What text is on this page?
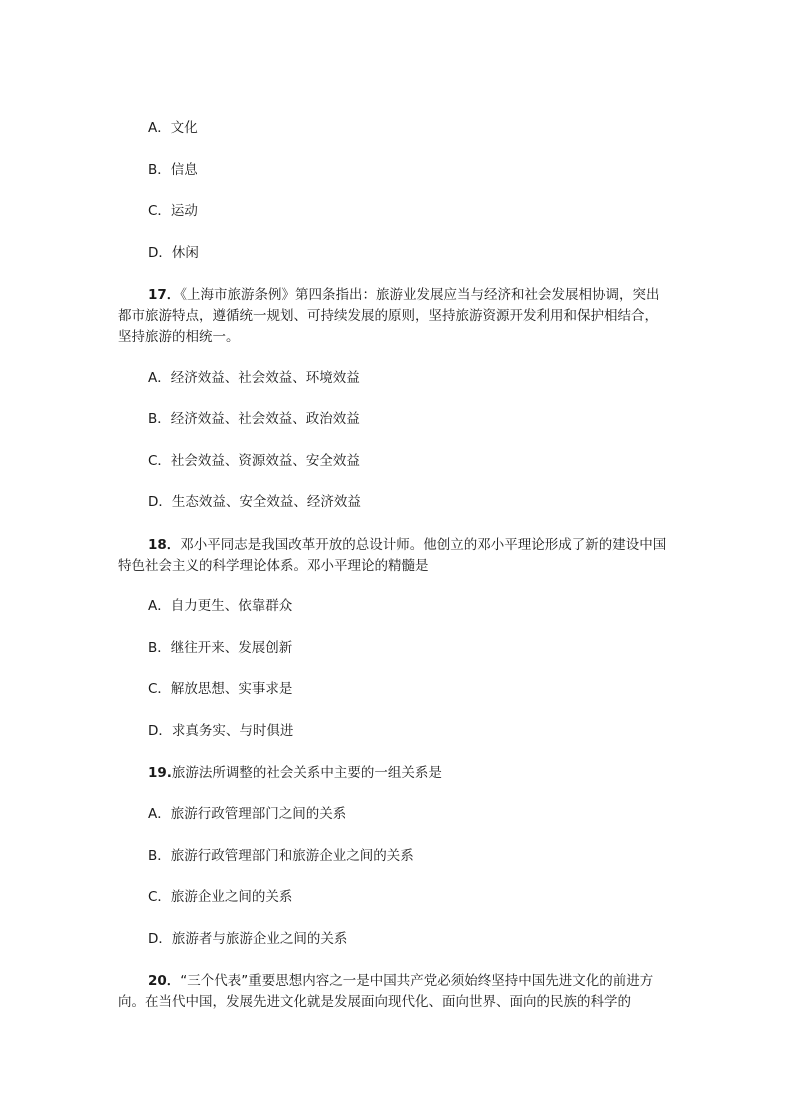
A．文化
B．信息
C．运动
D．休闲
17．《上海市旅游条例》第四条指出：旅游业发展应当与经济和社会发展相协调，突出都市旅游特点，遵循统一规划、可持续发展的原则，坚持旅游资源开发利用和保护相结合，坚持旅游的相统一。
A．经济效益、社会效益、环境效益
B．经济效益、社会效益、政治效益
C．社会效益、资源效益、安全效益
D．生态效益、安全效益、经济效益
18．邓小平同志是我国改革开放的总设计师。他创立的邓小平理论形成了新的建设中国特色社会主义的科学理论体系。邓小平理论的精髓是
A．自力更生、依靠群众
B．继往开来、发展创新
C．解放思想、实事求是
D．求真务实、与时俱进
19.旅游法所调整的社会关系中主要的一组关系是
A．旅游行政管理部门之间的关系
B．旅游行政管理部门和旅游企业之间的关系
C．旅游企业之间的关系
D．旅游者与旅游企业之间的关系
20．“三个代表”重要思想内容之一是中国共产党必须始终坚持中国先进文化的前进方向。在当代中国，发展先进文化就是发展面向现代化、面向世界、面向的民族的科学的
